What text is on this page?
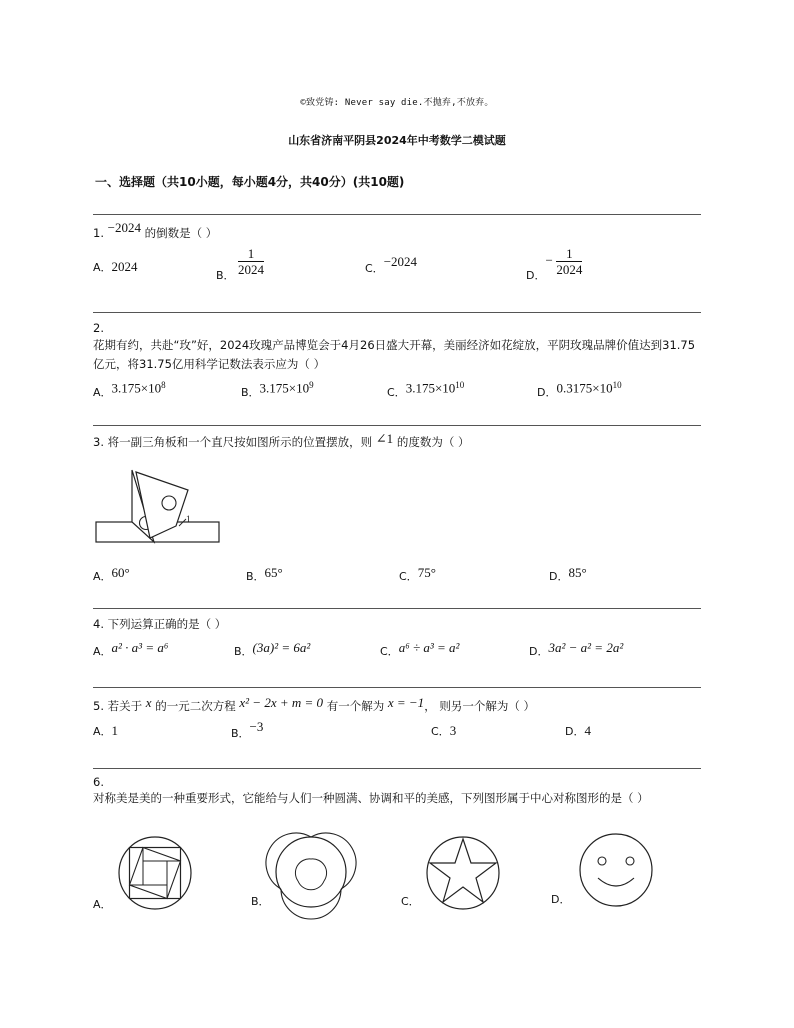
©致党铸: Never say die.不抛弃,不放弃。
山东省济南平阴县2024年中考数学二模试题
一、选择题（共10小题，每小题4分，共40分）(共10题)
1. −2024 的倒数是（ ）
A．2024
B． $\frac{1}{2024}$	C．−2024
D．− $\frac{1}{2024}$
2.
花期有约，共赴“玫”好，2024玫瑰产品博览会于4月26日盛大开幕，美丽经济如花绽放，平阴玫瑰品牌价值达到31.75亿元，将31.75亿用科学记数法表示应为（ ）
A．$3.175\times 10^8$
B．$3.175\times 10^9$
C．$3.175\times 10^{10}$
D．$0.3175\times 10^{10}$
3. 将一副三角板和一个直尺按如图所示的位置摆放，则 ∠1 的度数为（ ）
1
A．60°	B．65°	C．75°	D．85°
4. 下列运算正确的是（ ）
A．a² · a³ = a⁶	B．(3a)² = 6a²	C．a⁶ ÷ a³ = a²	D．3a² − a² = 2a²
5. 若关于 x 的一元二次方程 x² − 2x + m = 0 有一个解为 x = −1， 则另一个解为（ ）
A．1	B．−3	C．3	D．4
6.
对称美是美的一种重要形式，它能给与人们一种圆满、协调和平的美感，下列图形属于中心对称图形的是（ ）
A．	B．	C．	D．
